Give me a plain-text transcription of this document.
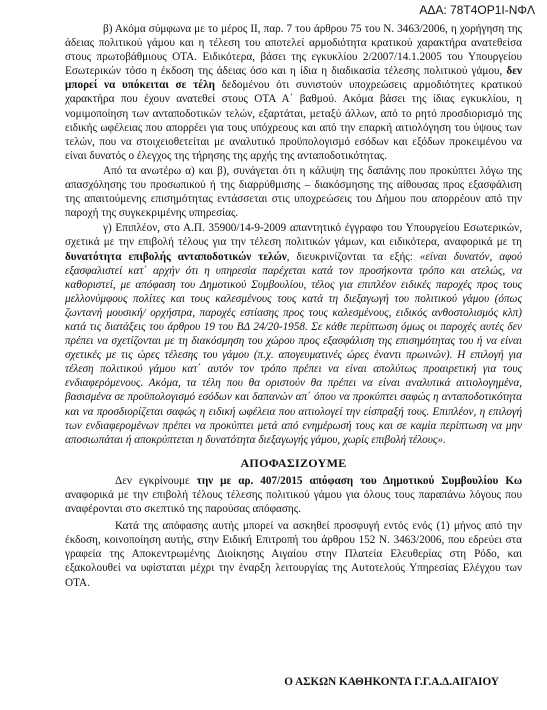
ΑΔΑ: 78Τ4ΟΡ1Ι-ΝΦΛ

β) Ακόμα σύμφωνα με το μέρος ΙΙ, παρ. 7 του άρθρου 75 του Ν. 3463/2006, η χορήγηση της άδειας πολιτικού γάμου και η τέλεση του αποτελεί αρμοδιότητα κρατικού χαρακτήρα ανατεθείσα στους πρωτοβάθμιους ΟΤΑ. Ειδικότερα, βάσει της εγκυκλίου 2/2007/14.1.2005 του Υπουργείου Εσωτερικών τόσο η έκδοση της άδειας όσο και η ίδια η διαδικασία τέλεσης πολιτικού γάμου, δεν μπορεί να υπόκειται σε τέλη δεδομένου ότι συνιστούν υποχρεώσεις αρμοδιότητες κρατικού χαρακτήρα που έχουν ανατεθεί στους ΟΤΑ Α΄ βαθμού. Ακόμα βάσει της ίδιας εγκυκλίου, η νομιμοποίηση των ανταποδοτικών τελών, εξαρτάται, μεταξύ άλλων, από το ρητό προσδιορισμό της ειδικής ωφέλειας που απορρέει για τους υπόχρεους και από την επαρκή αιτιολόγηση του ύψους των τελών, που να στοιχειοθετείται με αναλυτικό προϋπολογισμό εσόδων και εξόδων προκειμένου να είναι δυνατός ο έλεγχος της τήρησης της αρχής της ανταποδοτικότητας.

Από τα ανωτέρω α) και β), συνάγεται ότι η κάλυψη της δαπάνης που προκύπτει λόγω της απασχόλησης του προσωπικού ή της διαρρύθμισης – διακόσμησης της αίθουσας προς εξασφάλιση της απαιτούμενης επισημότητας εντάσσεται στις υποχρεώσεις του Δήμου που απορρέουν από την παροχή της συγκεκριμένης υπηρεσίας.

γ) Επιπλέον, στο Α.Π. 35900/14-9-2009 απαντητικό έγγραφο του Υπουργείου Εσωτερικών, σχετικά με την επιβολή τέλους για την τέλεση πολιτικών γάμων, και ειδικότερα, αναφορικά με τη δυνατότητα επιβολής ανταποδοτικών τελών, διευκρινίζονται τα εξής: «είναι δυνατόν, αφού εξασφαλιστεί κατ΄ αρχήν ότι η υπηρεσία παρέχεται κατά τον προσήκοντα τρόπο και ατελώς, να καθοριστεί, με απόφαση του Δημοτικού Συμβουλίου, τέλος για επιπλέον ειδικές παροχές προς τους μελλονύμφους πολίτες και τους καλεσμένους τους κατά τη διεξαγωγή του πολιτικού γάμου (όπως ζωντανή μουσική/ ορχήστρα, παροχές εστίασης προς τους καλεσμένους, ειδικός ανθοστολισμός κλπ) κατά τις διατάξεις του άρθρου 19 του ΒΔ 24/20-1958. Σε κάθε περίπτωση όμως οι παροχές αυτές δεν πρέπει να σχετίζονται με τη διακόσμηση του χώρου προς εξασφάλιση της επισημότητας του ή να είναι σχετικές με τις ώρες τέλεσης του γάμου (π.χ. απογευματινές ώρες έναντι πρωινών). Η επιλογή για τέλεση πολιτικού γάμου κατ΄ αυτόν τον τρόπο πρέπει να είναι απολύτως προαιρετική για τους ενδιαφερόμενους. Ακόμα, τα τέλη που θα οριστούν θα πρέπει να είναι αναλυτικά αιτιολογημένα, βασισμένα σε προϋπολογισμό εσόδων και δαπανών απ΄ όπου να προκύπτει σαφώς η ανταποδοτικότητα και να προσδιορίζεται σαφώς η ειδική ωφέλεια που αιτιολογεί την είσπραξή τους. Επιπλέον, η επιλογή των ενδιαφερομένων πρέπει να προκύπτει μετά από ενημέρωσή τους και σε καμία περίπτωση να μην αποσιωπάται ή αποκρύπτεται η δυνατότητα διεξαγωγής γάμου, χωρίς επιβολή τέλους».

ΑΠΟΦΑΣΙΖΟΥΜΕ

Δεν εγκρίνουμε την με αρ. 407/2015 απόφαση του Δημοτικού Συμβουλίου Κω αναφορικά με την επιβολή τέλους τέλεσης πολιτικού γάμου για όλους τους παραπάνω λόγους που αναφέρονται στο σκεπτικό της παρούσας απόφασης.

Κατά της απόφασης αυτής μπορεί να ασκηθεί προσφυγή εντός ενός (1) μήνος από την έκδοση, κοινοποίηση αυτής, στην Ειδική Επιτροπή του άρθρου 152 Ν. 3463/2006, που εδρεύει στα γραφεία της Αποκεντρωμένης Διοίκησης Αιγαίου στην Πλατεία Ελευθερίας στη Ρόδο, και εξακολουθεί να υφίσταται μέχρι την έναρξη λειτουργίας της Αυτοτελούς Υπηρεσίας Ελέγχου των ΟΤΑ.

Ο ΑΣΚΩΝ ΚΑΘΗΚΟΝΤΑ Γ.Γ.Α.Δ.ΑΙΓΑΙΟΥ
